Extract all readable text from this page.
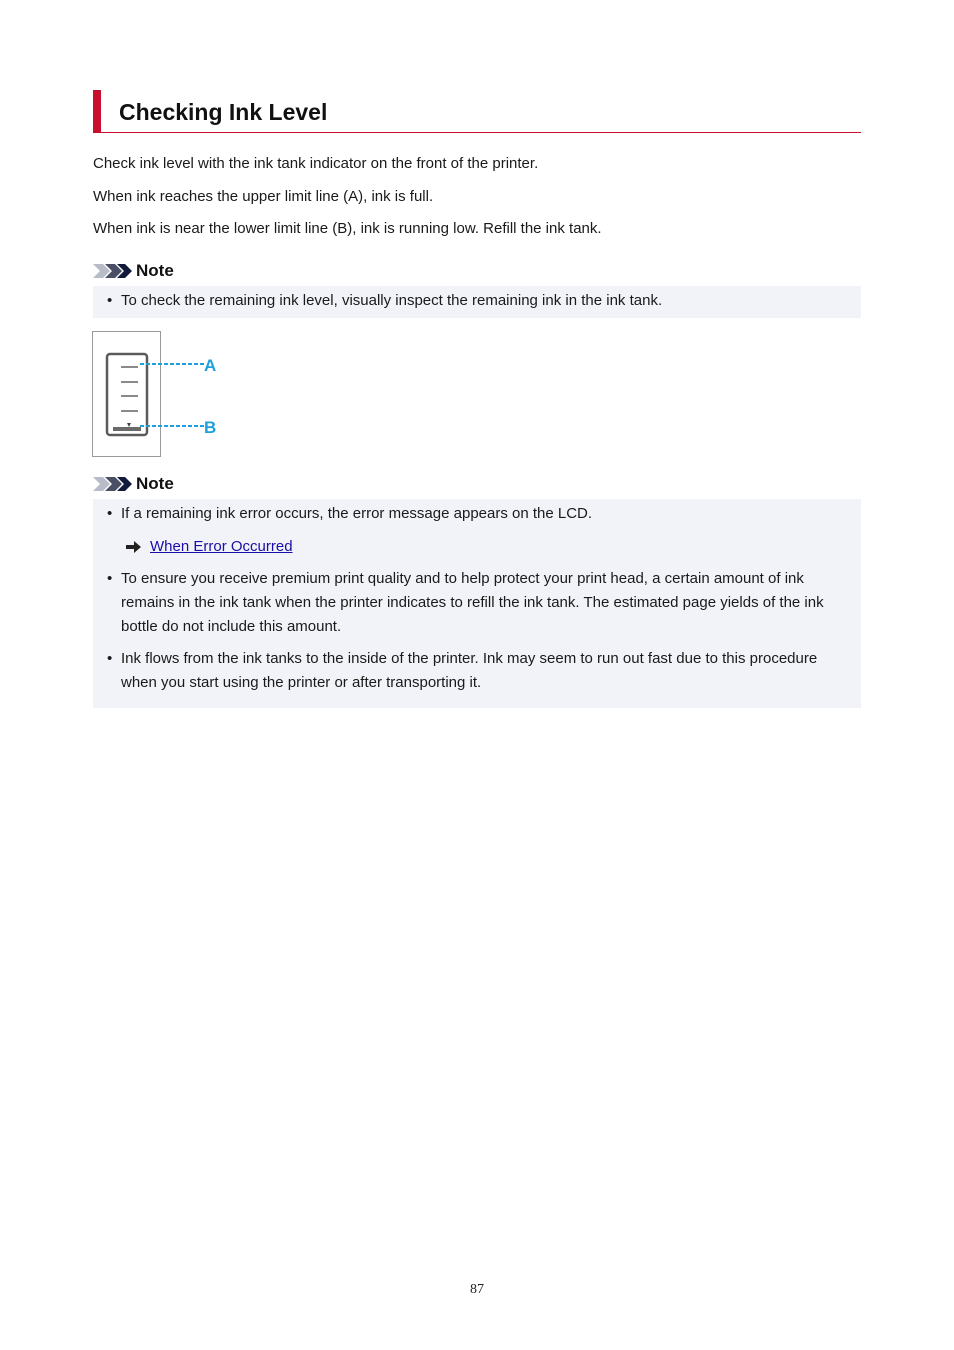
Checking Ink Level

Check ink level with the ink tank indicator on the front of the printer.

When ink reaches the upper limit line (A), ink is full.

When ink is near the lower limit line (B), ink is running low. Refill the ink tank.

Note
• To check the remaining ink level, visually inspect the remaining ink in the ink tank.

A
B
Note
• If a remaining ink error occurs, the error message appears on the LCD.

When Error Occurred
• To ensure you receive premium print quality and to help protect your print head, a certain amount of ink remains in the ink tank when the printer indicates to refill the ink tank. The estimated page yields of the ink bottle do not include this amount.

• Ink flows from the ink tanks to the inside of the printer. Ink may seem to run out fast due to this procedure when you start using the printer or after transporting it.

87
